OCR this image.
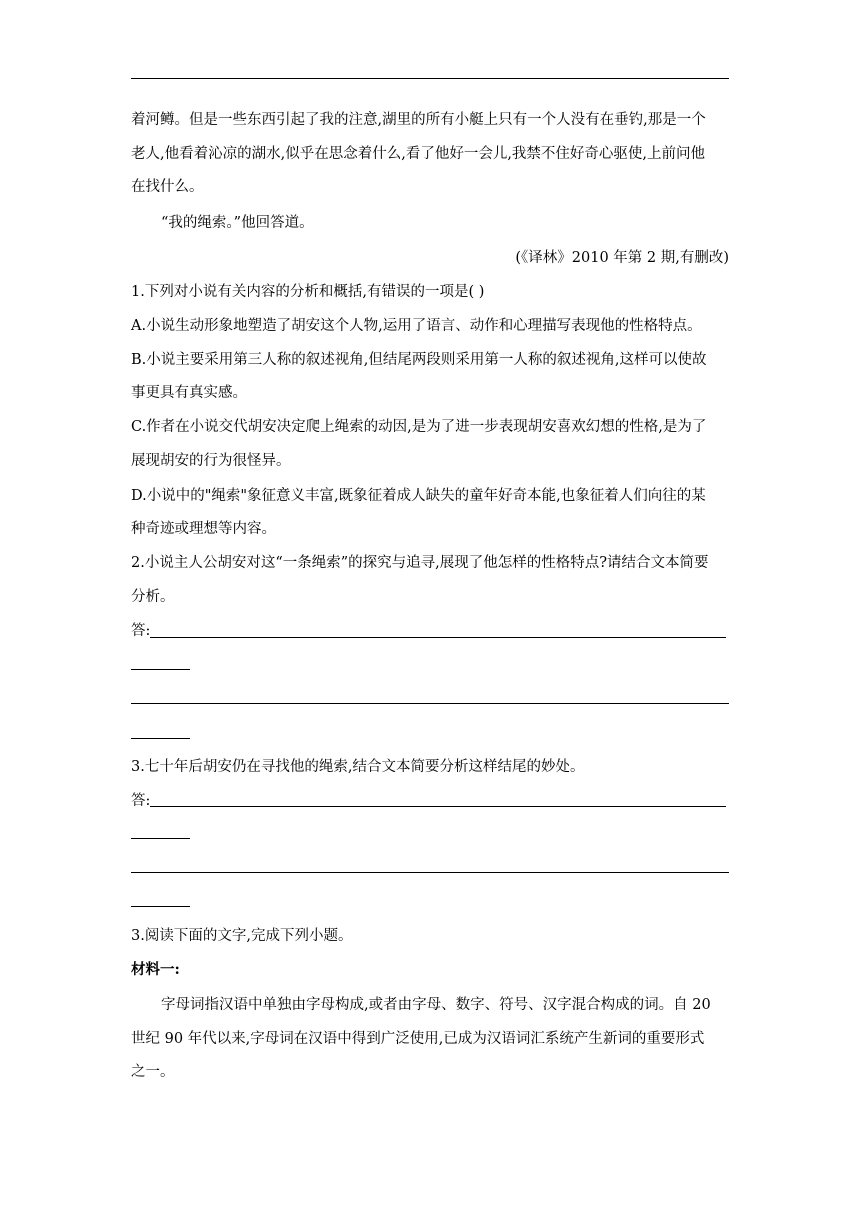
着河鳟。但是一些东西引起了我的注意,湖里的所有小艇上只有一个人没有在垂钓,那是一个
老人,他看着沁凉的湖水,似乎在思念着什么,看了他好一会儿,我禁不住好奇心驱使,上前问他
在找什么。
“我的绳索。”他回答道。
(《译林》2010 年第 2 期,有删改)
1.下列对小说有关内容的分析和概括,有错误的一项是( )
A.小说生动形象地塑造了胡安这个人物,运用了语言、动作和心理描写表现他的性格特点。
B.小说主要采用第三人称的叙述视角,但结尾两段则采用第一人称的叙述视角,这样可以使故
事更具有真实感。
C.作者在小说交代胡安决定爬上绳索的动因,是为了进一步表现胡安喜欢幻想的性格,是为了
展现胡安的行为很怪异。
D.小说中的"绳索"象征意义丰富,既象征着成人缺失的童年好奇本能,也象征着人们向往的某
种奇迹或理想等内容。
2.小说主人公胡安对这“一条绳索”的探究与追寻,展现了他怎样的性格特点?请结合文本简要
分析。
答:
3.七十年后胡安仍在寻找他的绳索,结合文本简要分析这样结尾的妙处。
答:
3.阅读下面的文字,完成下列小题。
材料一:
字母词指汉语中单独由字母构成,或者由字母、数字、符号、汉字混合构成的词。自 20
世纪 90 年代以来,字母词在汉语中得到广泛使用,已成为汉语词汇系统产生新词的重要形式
之一。
